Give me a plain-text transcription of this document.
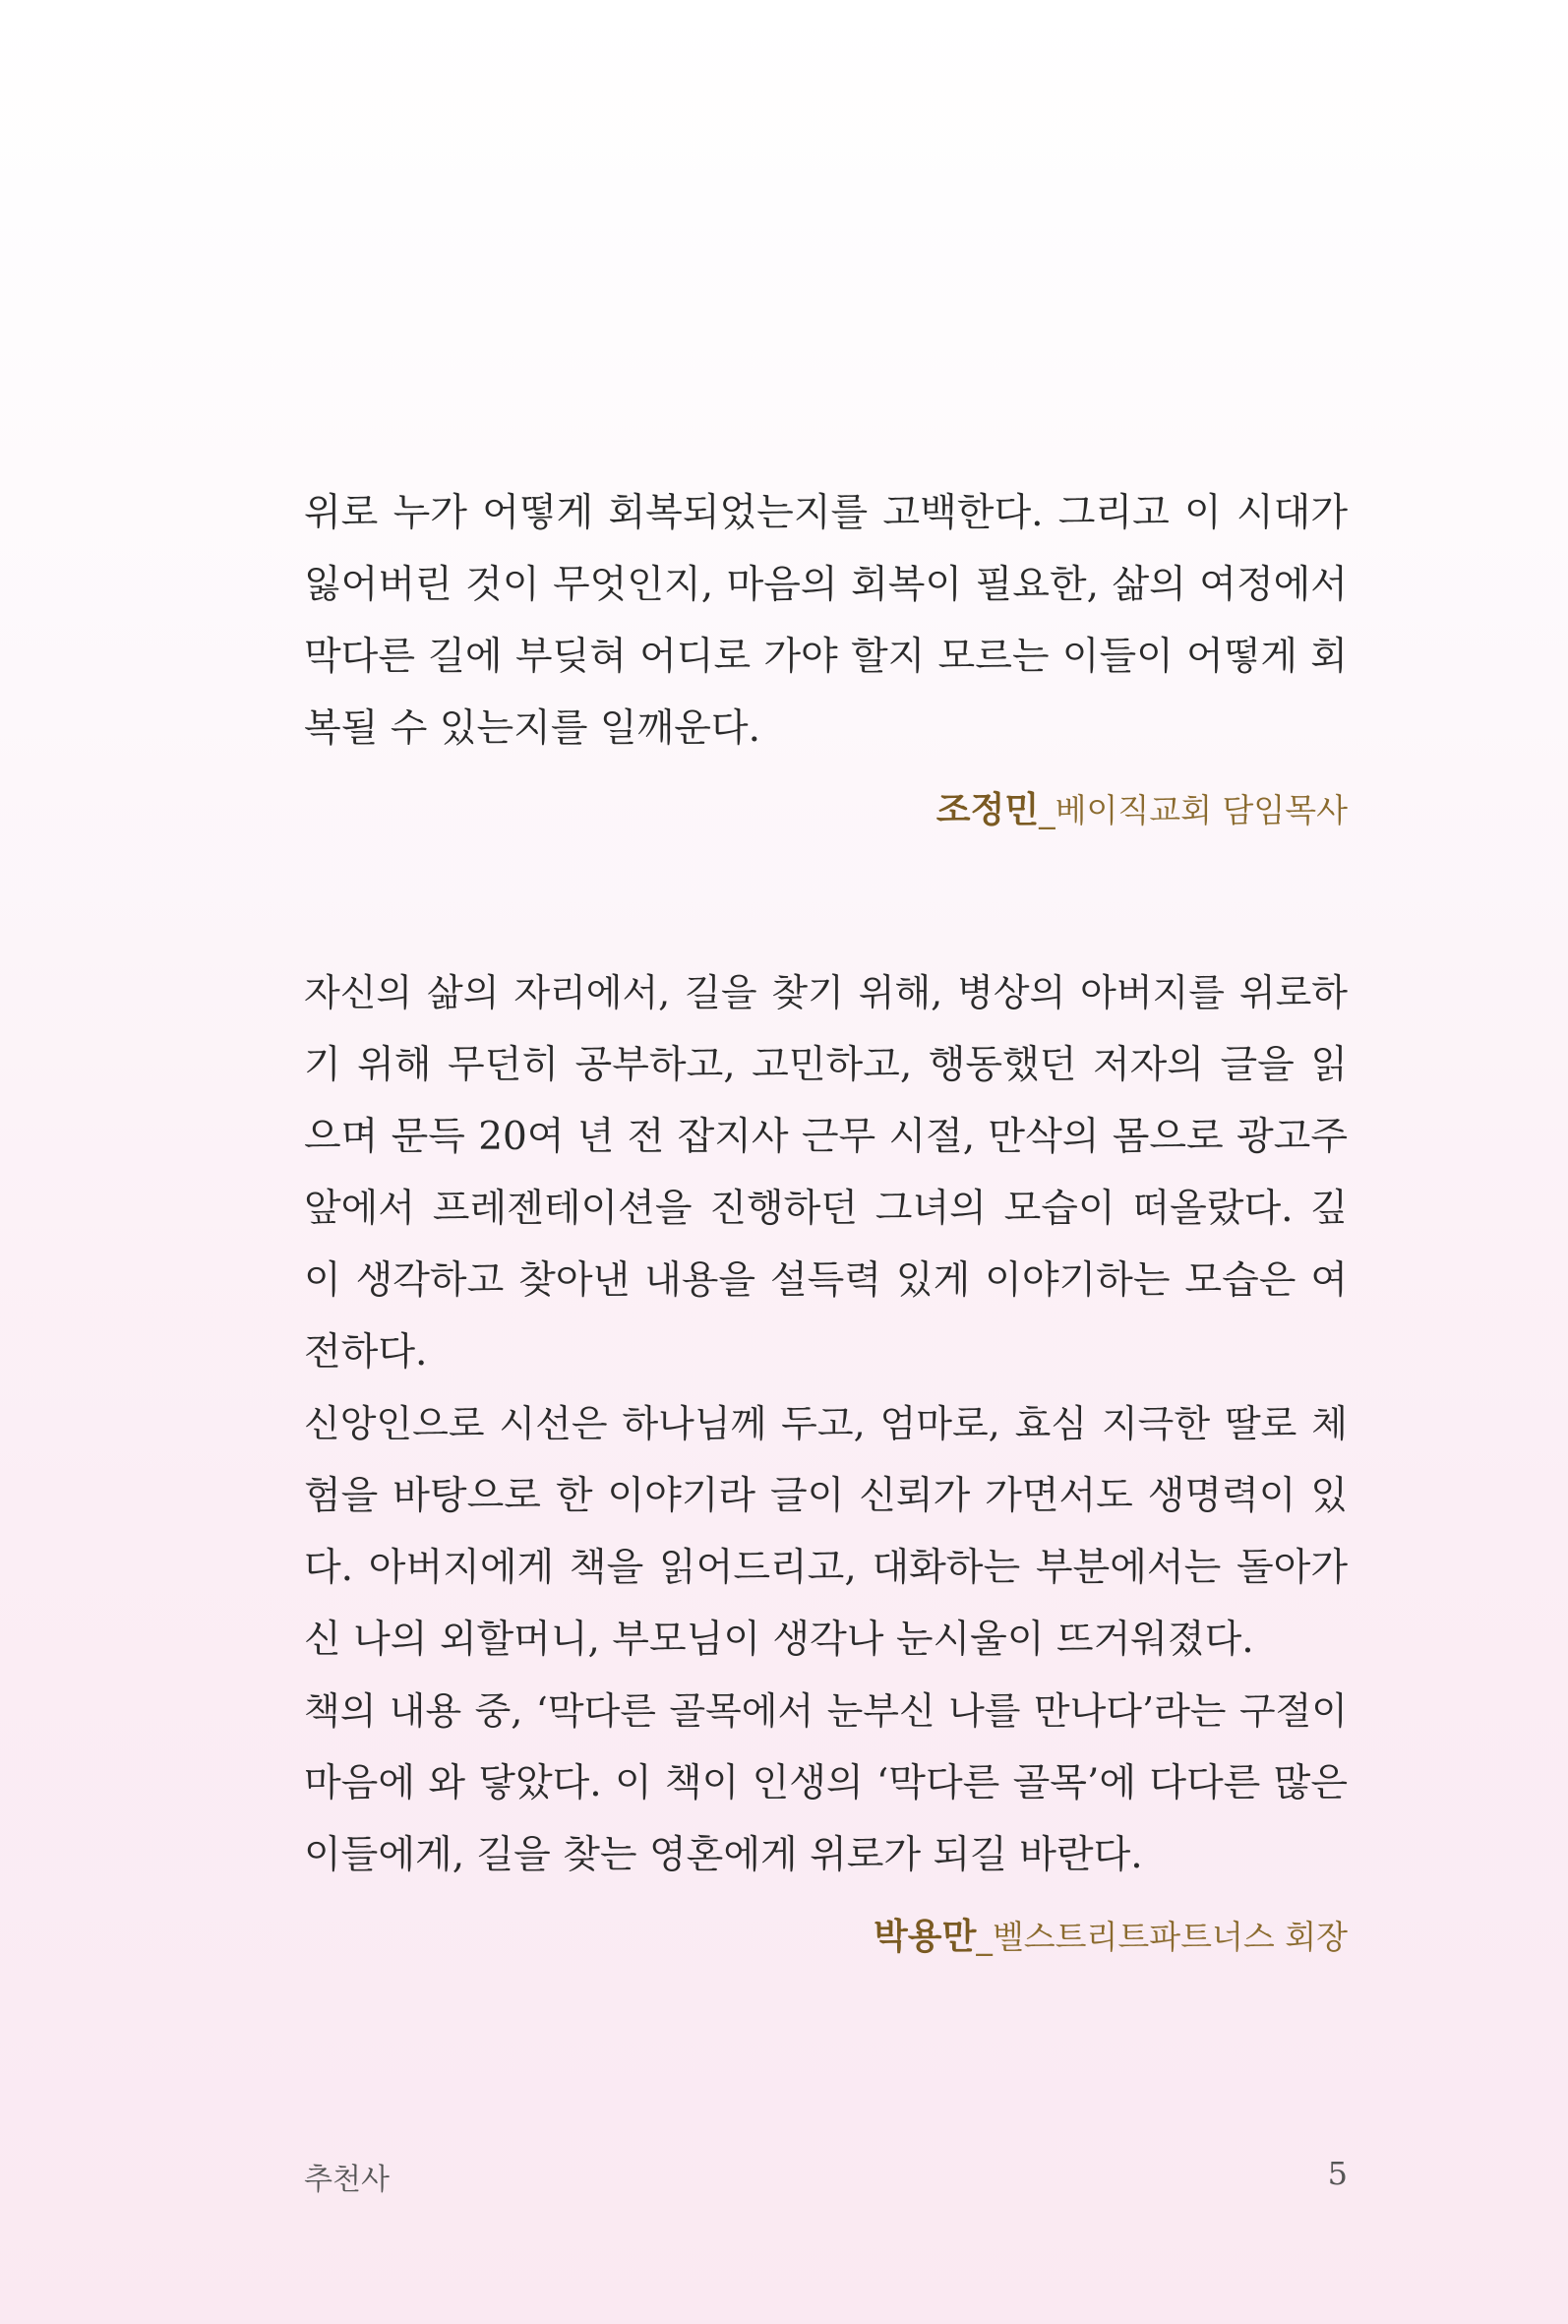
위로 누가 어떻게 회복되었는지를 고백한다. 그리고 이 시대가
잃어버린 것이 무엇인지, 마음의 회복이 필요한, 삶의 여정에서
막다른 길에 부딪혀 어디로 가야 할지 모르는 이들이 어떻게 회
복될 수 있는지를 일깨운다.
조정민_베이직교회 담임목사
자신의 삶의 자리에서, 길을 찾기 위해, 병상의 아버지를 위로하
기 위해 무던히 공부하고, 고민하고, 행동했던 저자의 글을 읽
으며 문득 20여 년 전 잡지사 근무 시절, 만삭의 몸으로 광고주
앞에서 프레젠테이션을 진행하던 그녀의 모습이 떠올랐다. 깊
이 생각하고 찾아낸 내용을 설득력 있게 이야기하는 모습은 여
전하다.
신앙인으로 시선은 하나님께 두고, 엄마로, 효심 지극한 딸로 체
험을 바탕으로 한 이야기라 글이 신뢰가 가면서도 생명력이 있
다. 아버지에게 책을 읽어드리고, 대화하는 부분에서는 돌아가
신 나의 외할머니, 부모님이 생각나 눈시울이 뜨거워졌다.
책의 내용 중, ‘막다른 골목에서 눈부신 나를 만나다’라는 구절이
마음에 와 닿았다. 이 책이 인생의 ‘막다른 골목’에 다다른 많은
이들에게, 길을 찾는 영혼에게 위로가 되길 바란다.
박용만_벨스트리트파트너스 회장
추천사	5
